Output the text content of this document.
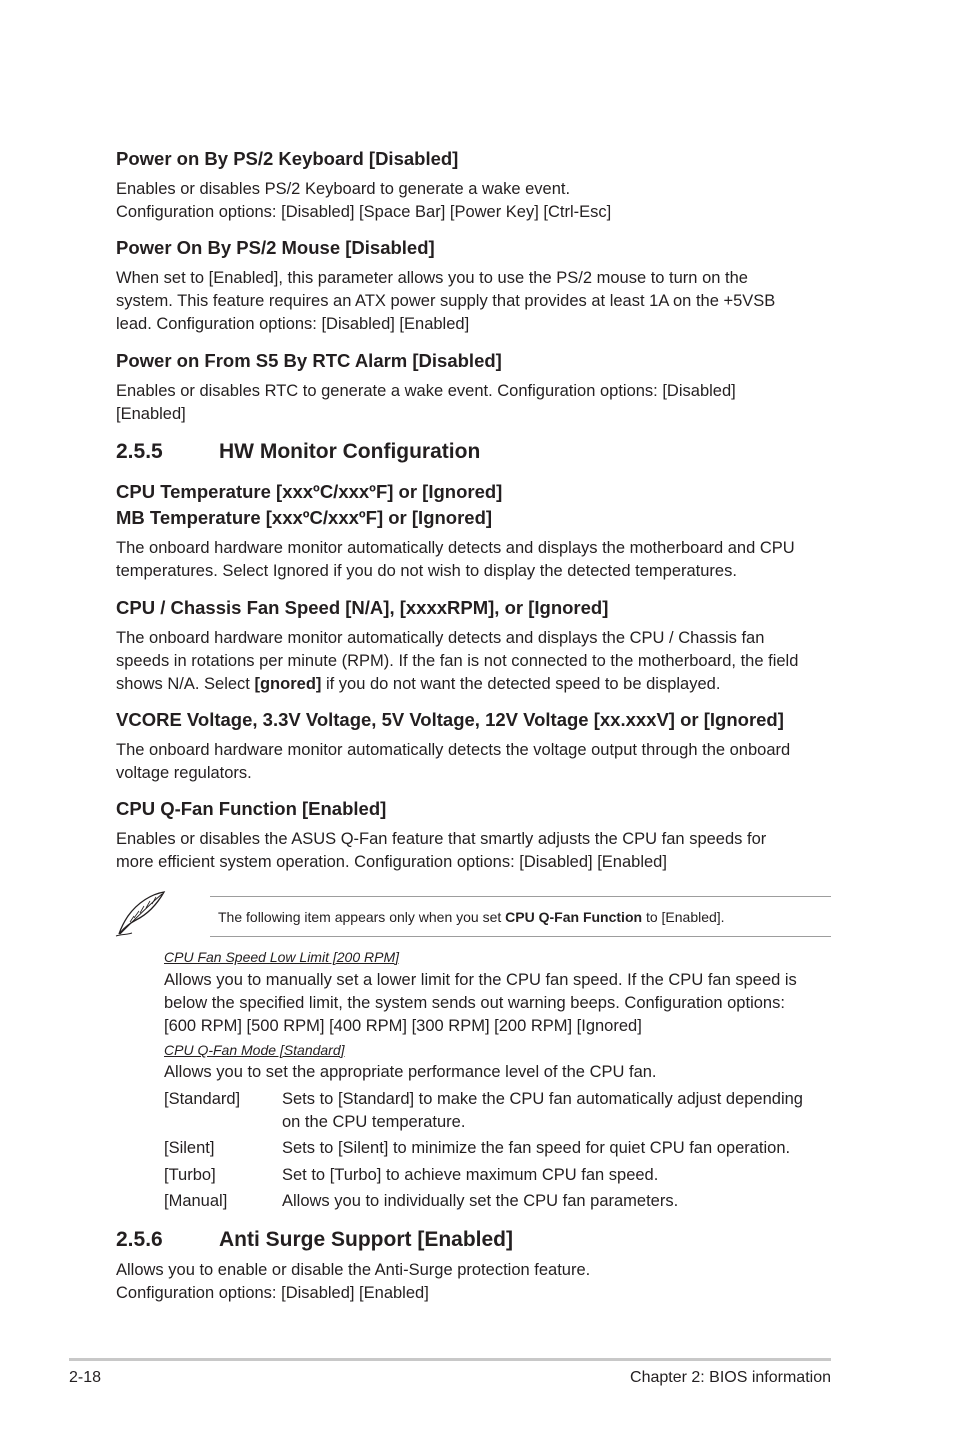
Power on By PS/2 Keyboard [Disabled]
Enables or disables PS/2 Keyboard to generate a wake event.
Configuration options: [Disabled] [Space Bar] [Power Key] [Ctrl-Esc]
Power On By PS/2 Mouse [Disabled]
When set to [Enabled], this parameter allows you to use the PS/2 mouse to turn on the
system. This feature requires an ATX power supply that provides at least 1A on the +5VSB
lead. Configuration options: [Disabled] [Enabled]
Power on From S5 By RTC Alarm [Disabled]
Enables or disables RTC to generate a wake event. Configuration options: [Disabled]
[Enabled]
2.5.5	HW Monitor Configuration
CPU Temperature [xxxºC/xxxºF] or [Ignored]
MB Temperature [xxxºC/xxxºF] or [Ignored]
The onboard hardware monitor automatically detects and displays the motherboard and CPU
temperatures. Select Ignored if you do not wish to display the detected temperatures.
CPU / Chassis Fan Speed [N/A], [xxxxRPM], or [Ignored]
The onboard hardware monitor automatically detects and displays the CPU / Chassis fan
speeds in rotations per minute (RPM). If the fan is not connected to the motherboard, the field
shows N/A. Select [gnored] if you do not want the detected speed to be displayed.
VCORE Voltage, 3.3V Voltage, 5V Voltage, 12V Voltage [xx.xxxV] or [Ignored]
The onboard hardware monitor automatically detects the voltage output through the onboard
voltage regulators.
CPU Q-Fan Function [Enabled]
Enables or disables the ASUS Q-Fan feature that smartly adjusts the CPU fan speeds for
more efficient system operation. Configuration options: [Disabled] [Enabled]
The following item appears only when you set CPU Q-Fan Function to [Enabled].
CPU Fan Speed Low Limit [200 RPM]
Allows you to manually set a lower limit for the CPU fan speed. If the CPU fan speed is
below the specified limit, the system sends out warning beeps. Configuration options:
[600 RPM] [500 RPM] [400 RPM] [300 RPM] [200 RPM] [Ignored]
CPU Q-Fan Mode [Standard]
Allows you to set the appropriate performance level of the CPU fan.
[Standard]	Sets to [Standard] to make the CPU fan automatically adjust depending
on the CPU temperature.
[Silent]	Sets to [Silent] to minimize the fan speed for quiet CPU fan operation.
[Turbo]	Set to [Turbo] to achieve maximum CPU fan speed.
[Manual]	Allows you to individually set the CPU fan parameters.
2.5.6	Anti Surge Support [Enabled]
Allows you to enable or disable the Anti-Surge protection feature.
Configuration options: [Disabled] [Enabled]
2-18	Chapter 2: BIOS information
